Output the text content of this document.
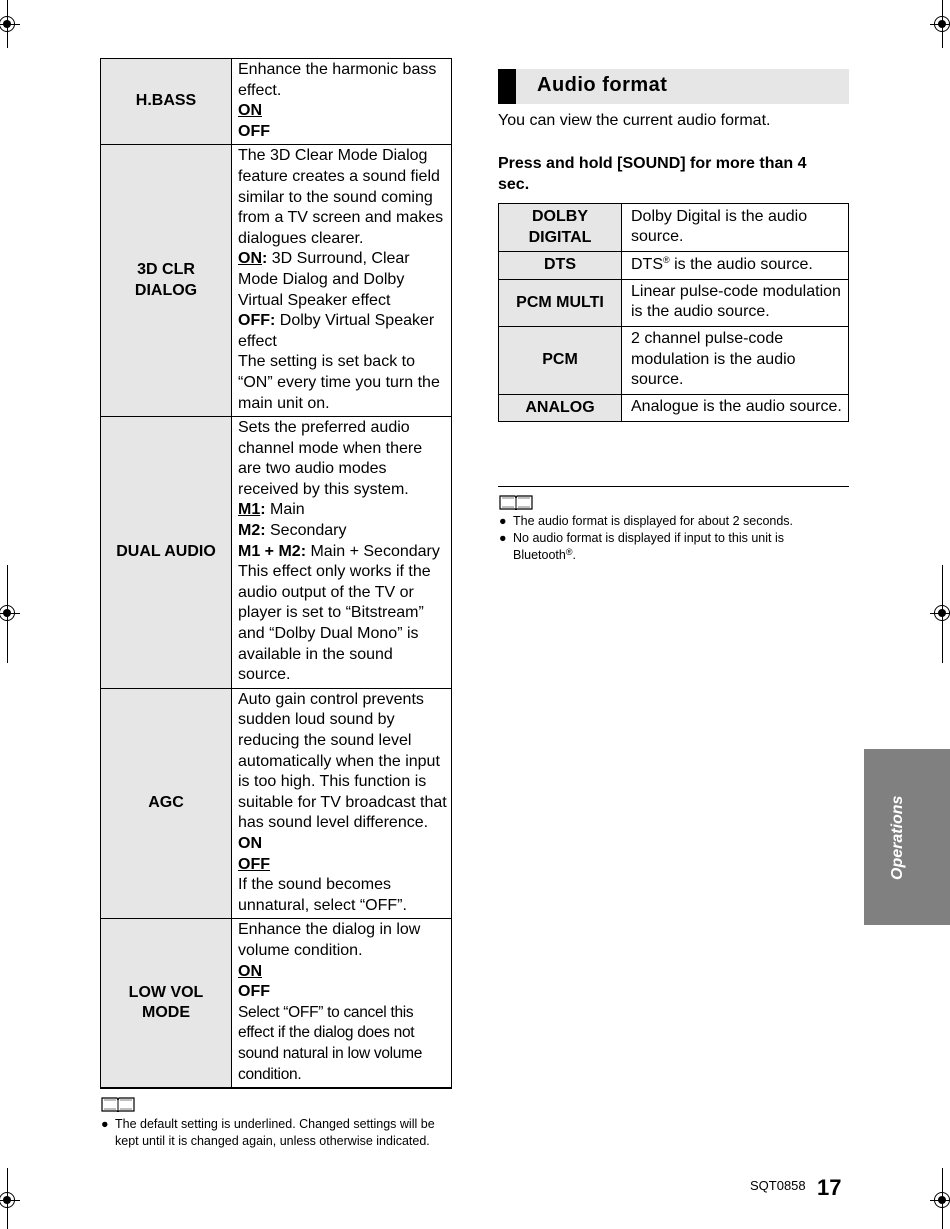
H.BASS	Enhance the harmonic bass effect.
ON
OFF

3D CLR DIALOG	The 3D Clear Mode Dialog feature creates a sound field similar to the sound coming from a TV screen and makes dialogues clearer.
ON: 3D Surround, Clear Mode Dialog and Dolby Virtual Speaker effect
OFF: Dolby Virtual Speaker effect
The setting is set back to “ON” every time you turn the main unit on.

DUAL AUDIO	Sets the preferred audio channel mode when there are two audio modes received by this system.
M1: Main
M2: Secondary
M1 + M2: Main + Secondary
This effect only works if the audio output of the TV or player is set to “Bitstream” and “Dolby Dual Mono” is available in the sound source.

AGC	Auto gain control prevents sudden loud sound by reducing the sound level automatically when the input is too high. This function is suitable for TV broadcast that has sound level difference.
ON
OFF
If the sound becomes unnatural, select “OFF”.

LOW VOL MODE	Enhance the dialog in low volume condition.
ON
OFF
Select “OFF” to cancel this effect if the dialog does not sound natural in low volume condition.
● The default setting is underlined. Changed settings will be kept until it is changed again, unless otherwise indicated.
Audio format
You can view the current audio format.
Press and hold [SOUND] for more than 4 sec.
DOLBY DIGITAL	Dolby Digital is the audio source.
DTS	DTS® is the audio source.
PCM MULTI	Linear pulse-code modulation is the audio source.
PCM	2 channel pulse-code modulation is the audio source.
ANALOG	Analogue is the audio source.
● The audio format is displayed for about 2 seconds.
● No audio format is displayed if input to this unit is Bluetooth®.
Operations
SQT0858 17
